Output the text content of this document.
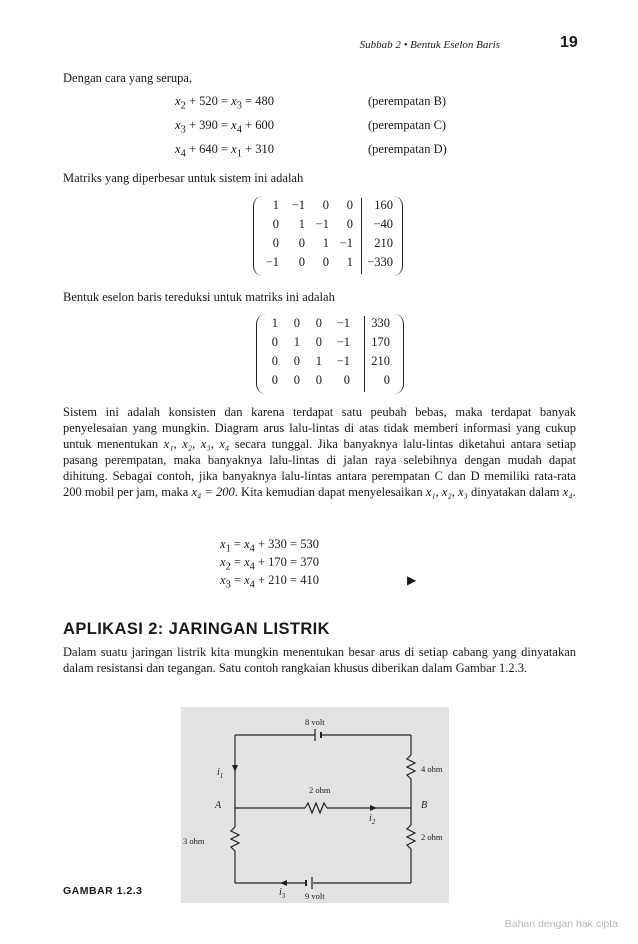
Subbab 2 • Bentuk Eselon Baris	19
Dengan cara yang serupa,
$x_2 + 520 = x_3 = 480$	(perempatan B)
$x_3 + 390 = x_4 + 600$	(perempatan C)
$x_4 + 640 = x_1 + 310$	(perempatan D)
Matriks yang diperbesar untuk sistem ini adalah
1	−1	0	0	160
0	1	−1	0	−40
0	0	1	−1	210
−1	0	0	1	−330
Bentuk eselon baris tereduksi untuk matriks ini adalah
1	0	0	−1	330
0	1	0	−1	170
0	0	1	−1	210
0	0	0	0	0
Sistem ini adalah konsisten dan karena terdapat satu peubah bebas, maka terdapat banyak penyelesaian yang mungkin. Diagram arus lalu-lintas di atas tidak memberi informasi yang cukup untuk menentukan x₁, x₂, x₃, x₄ secara tunggal. Jika banyaknya lalu-lintas diketahui antara setiap pasang perempatan, maka banyaknya lalu-lintas di jalan raya selebihnya dengan mudah dapat dihitung. Sebagai contoh, jika banyaknya lalu-lintas antara perempatan C dan D memiliki rata-rata 200 mobil per jam, maka x₄ = 200. Kita kemudian dapat menyelesaikan x₁, x₂, x₃ dinyatakan dalam x₄.
$x_1 = x_4 + 330 = 530$
$x_2 = x_4 + 170 = 370$
$x_3 = x_4 + 210 = 410$	▶
APLIKASI 2: JARINGAN LISTRIK
Dalam suatu jaringan listrik kita mungkin menentukan besar arus di setiap cabang yang dinyatakan dalam resistansi dan tegangan. Satu contoh rangkaian khusus diberikan dalam Gambar 1.2.3.
8 volt
9 volt
4 ohm
2 ohm
2 ohm
3 ohm
A	B
$i_1$
$i_2$
$i_3$
GAMBAR 1.2.3
Bahan dengan hak cipta
